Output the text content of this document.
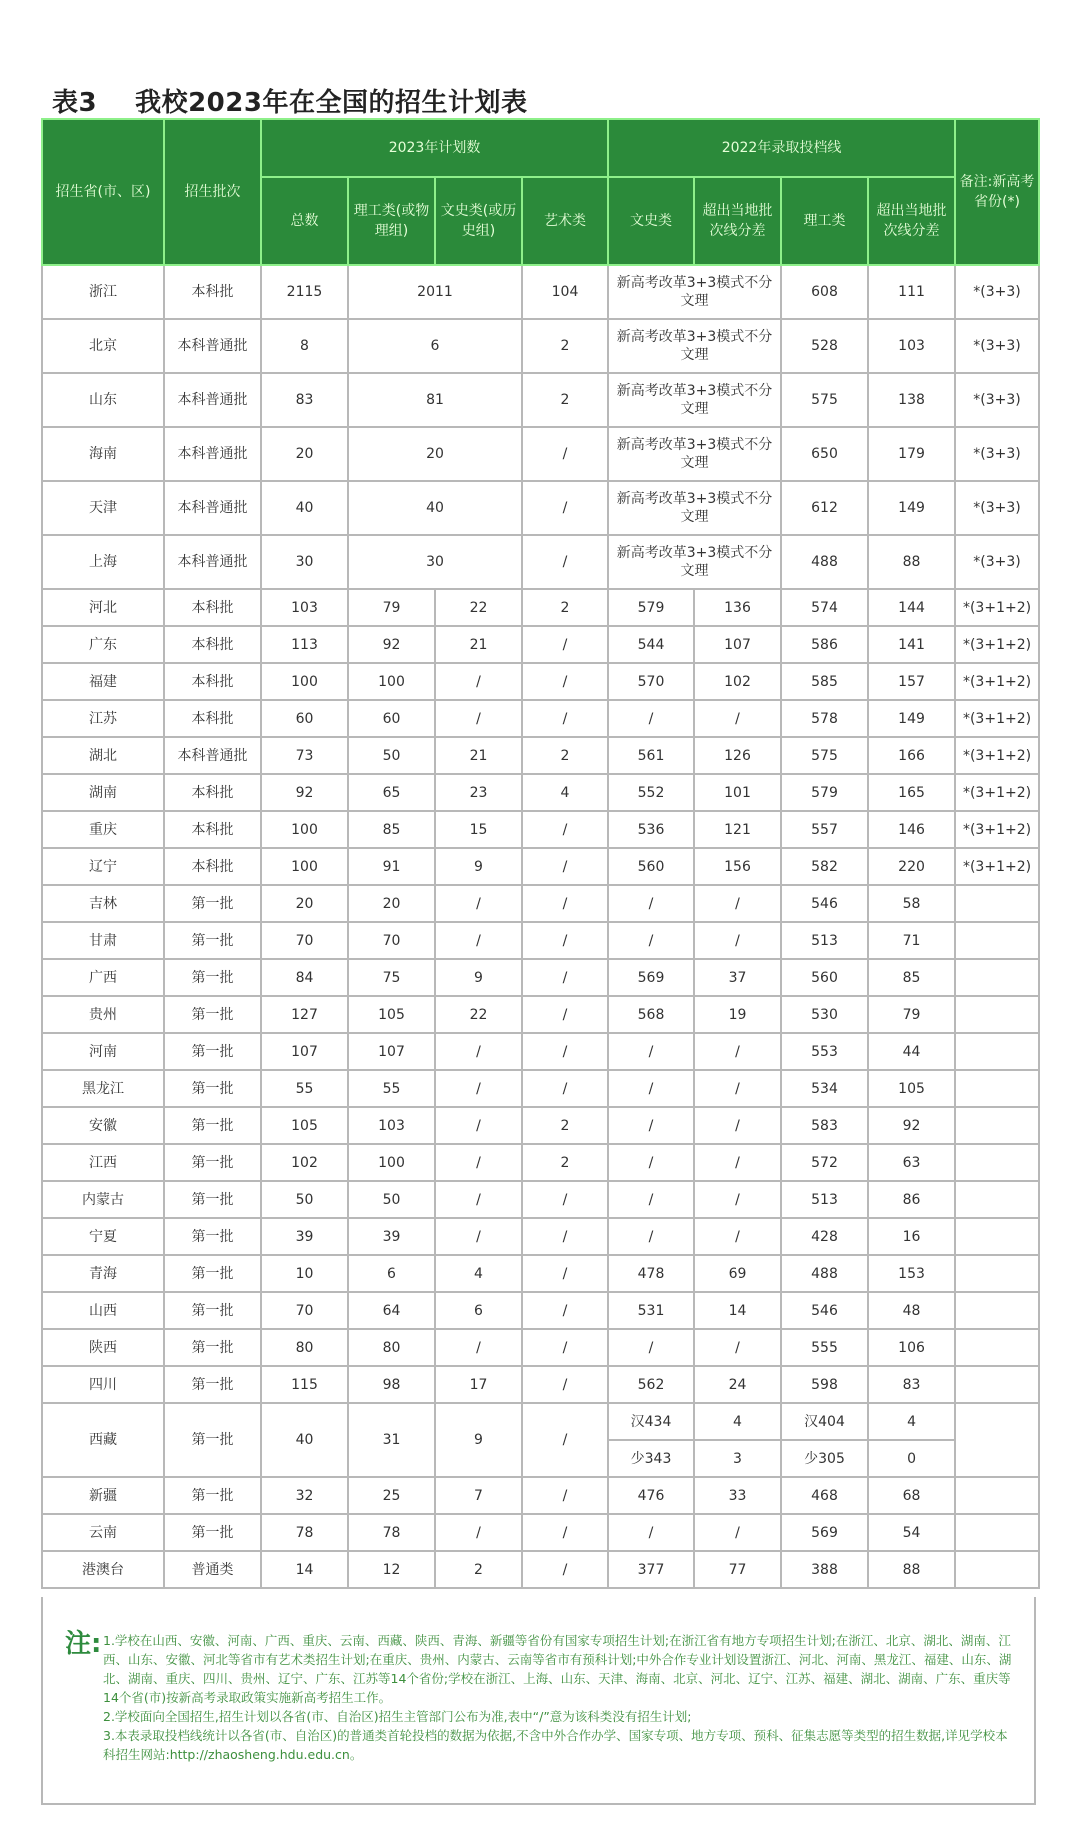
表3 我校2023年在全国的招生计划表
招生省(市、区)	招生批次	2023年计划数				2022年录取投档线				备注:新高考省份(*)
		总数	理工类(或物理组)	文史类(或历史组)	艺术类	文史类	超出当地批次线分差	理工类	超出当地批次线分差	
浙江	本科批	2115	2011		104	新高考改革3+3模式不分文理		608	111	*(3+3)
北京	本科普通批	8	6		2	新高考改革3+3模式不分文理		528	103	*(3+3)
山东	本科普通批	83	81		2	新高考改革3+3模式不分文理		575	138	*(3+3)
海南	本科普通批	20	20		/	新高考改革3+3模式不分文理		650	179	*(3+3)
天津	本科普通批	40	40		/	新高考改革3+3模式不分文理		612	149	*(3+3)
上海	本科普通批	30	30		/	新高考改革3+3模式不分文理		488	88	*(3+3)
河北	本科批	103	79	22	2	579	136	574	144	*(3+1+2)
广东	本科批	113	92	21	/	544	107	586	141	*(3+1+2)
福建	本科批	100	100	/	/	570	102	585	157	*(3+1+2)
江苏	本科批	60	60	/	/	/	/	578	149	*(3+1+2)
湖北	本科普通批	73	50	21	2	561	126	575	166	*(3+1+2)
湖南	本科批	92	65	23	4	552	101	579	165	*(3+1+2)
重庆	本科批	100	85	15	/	536	121	557	146	*(3+1+2)
辽宁	本科批	100	91	9	/	560	156	582	220	*(3+1+2)
吉林	第一批	20	20	/	/	/	/	546	58	
甘肃	第一批	70	70	/	/	/	/	513	71	
广西	第一批	84	75	9	/	569	37	560	85	
贵州	第一批	127	105	22	/	568	19	530	79	
河南	第一批	107	107	/	/	/	/	553	44	
黑龙江	第一批	55	55	/	/	/	/	534	105	
安徽	第一批	105	103	/	2	/	/	583	92	
江西	第一批	102	100	/	2	/	/	572	63	
内蒙古	第一批	50	50	/	/	/	/	513	86	
宁夏	第一批	39	39	/	/	/	/	428	16	
青海	第一批	10	6	4	/	478	69	488	153	
山西	第一批	70	64	6	/	531	14	546	48	
陕西	第一批	80	80	/	/	/	/	555	106	
四川	第一批	115	98	17	/	562	24	598	83	
西藏	第一批	40	31	9	/	汉434	4	汉404	4	
						少343	3	少305	0	
新疆	第一批	32	25	7	/	476	33	468	68	
云南	第一批	78	78	/	/	/	/	569	54	
港澳台	普通类	14	12	2	/	377	77	388	88	
注: 1.学校在山西、安徽、河南、广西、重庆、云南、西藏、陕西、青海、新疆等省份有国家专项招生计划;在浙江省有地方专项招生计划;在浙江、北京、湖北、湖南、江西、山东、安徽、河北等省市有艺术类招生计划;在重庆、贵州、内蒙古、云南等省市有预科计划;中外合作专业计划设置浙江、河北、河南、黑龙江、福建、山东、湖北、湖南、重庆、四川、贵州、辽宁、广东、江苏等14个省份;学校在浙江、上海、山东、天津、海南、北京、河北、辽宁、江苏、福建、湖北、湖南、广东、重庆等14个省(市)按新高考录取政策实施新高考招生工作。

2.学校面向全国招生,招生计划以各省(市、自治区)招生主管部门公布为准,表中“/”意为该科类没有招生计划;

3.本表录取投档线统计以各省(市、自治区)的普通类首轮投档的数据为依据,不含中外合作办学、国家专项、地方专项、预科、征集志愿等类型的招生数据,详见学校本科招生网站:http://zhaosheng.hdu.edu.cn。
